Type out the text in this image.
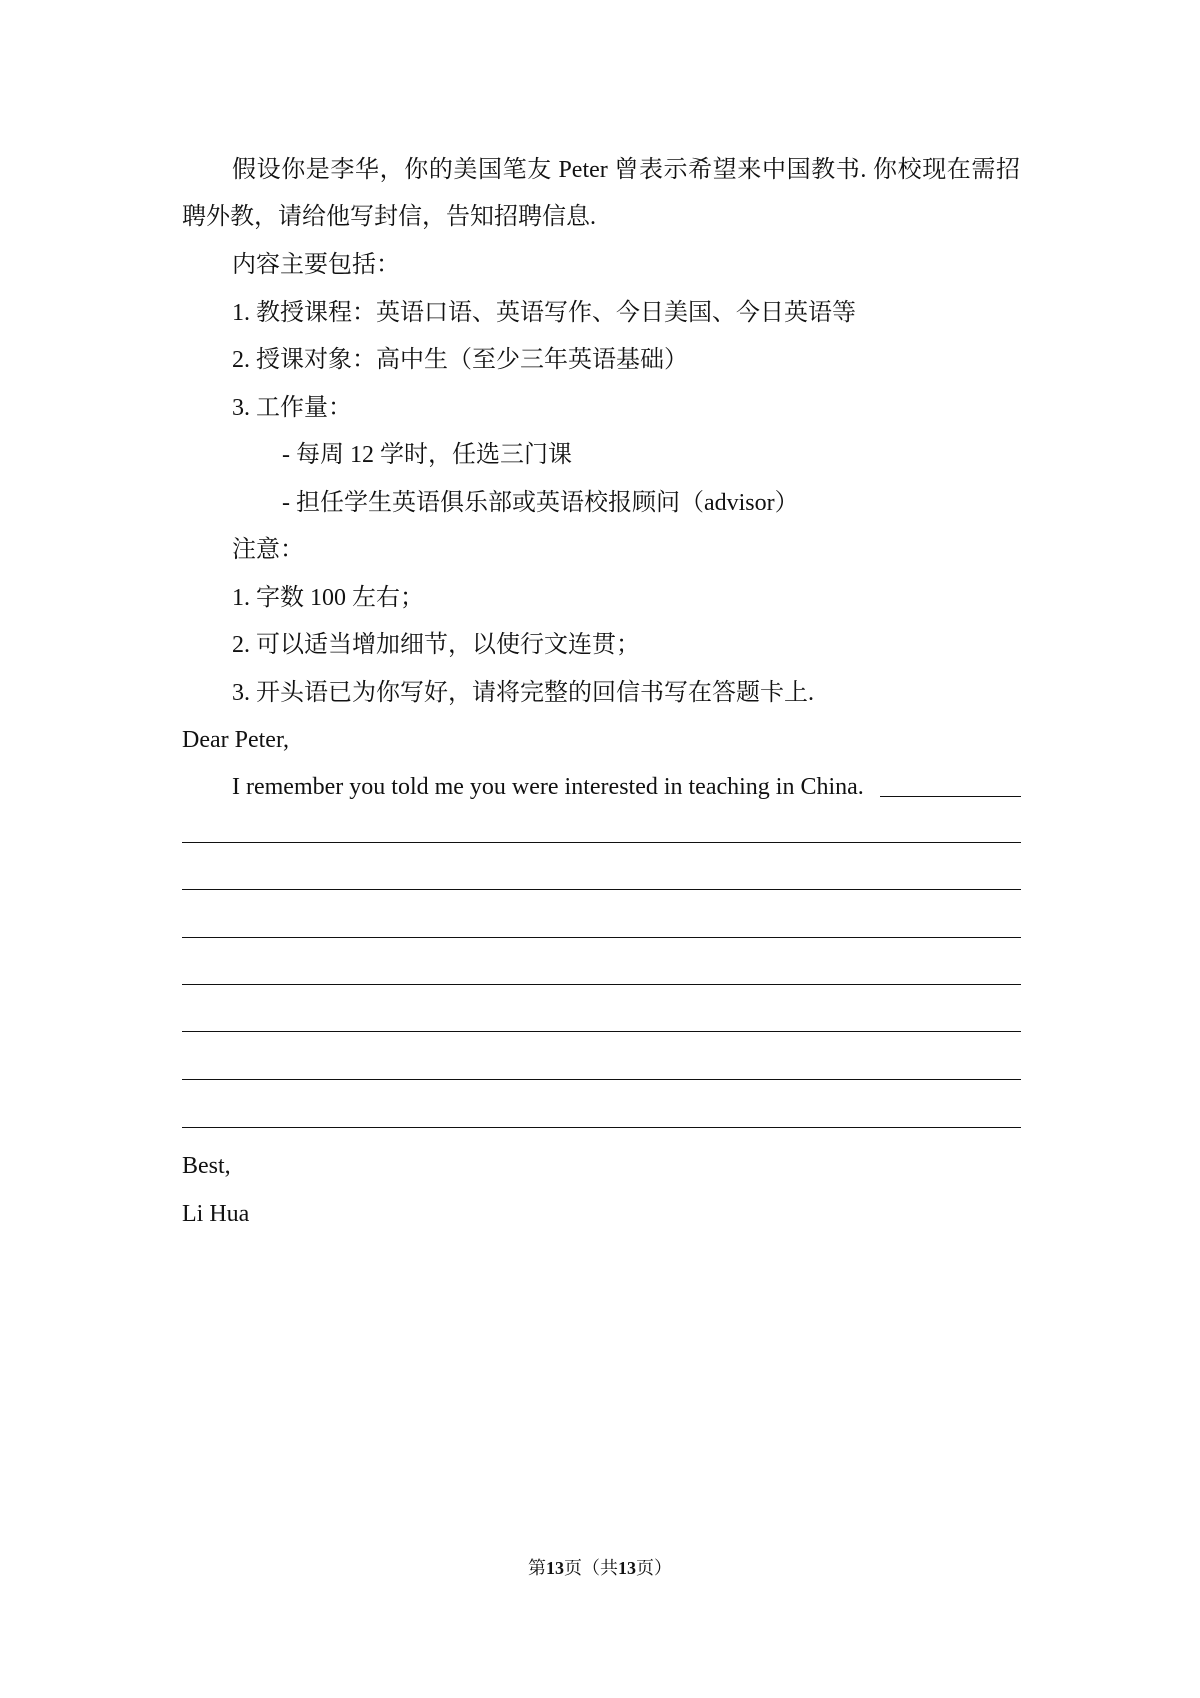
假设你是李华，你的美国笔友 Peter 曾表示希望来中国教书. 你校现在需招
聘外教，请给他写封信，告知招聘信息.
内容主要包括：
1. 教授课程：英语口语、英语写作、今日美国、今日英语等
2. 授课对象：高中生（至少三年英语基础）
3. 工作量：
- 每周 12 学时，任选三门课
- 担任学生英语俱乐部或英语校报顾问（advisor）
注意：
1. 字数 100 左右；
2. 可以适当增加细节，以使行文连贯；
3. 开头语已为你写好，请将完整的回信书写在答题卡上.
Dear Peter,
I remember you told me you were interested in teaching in China.
Best,
Li Hua
第13页（共13页）
